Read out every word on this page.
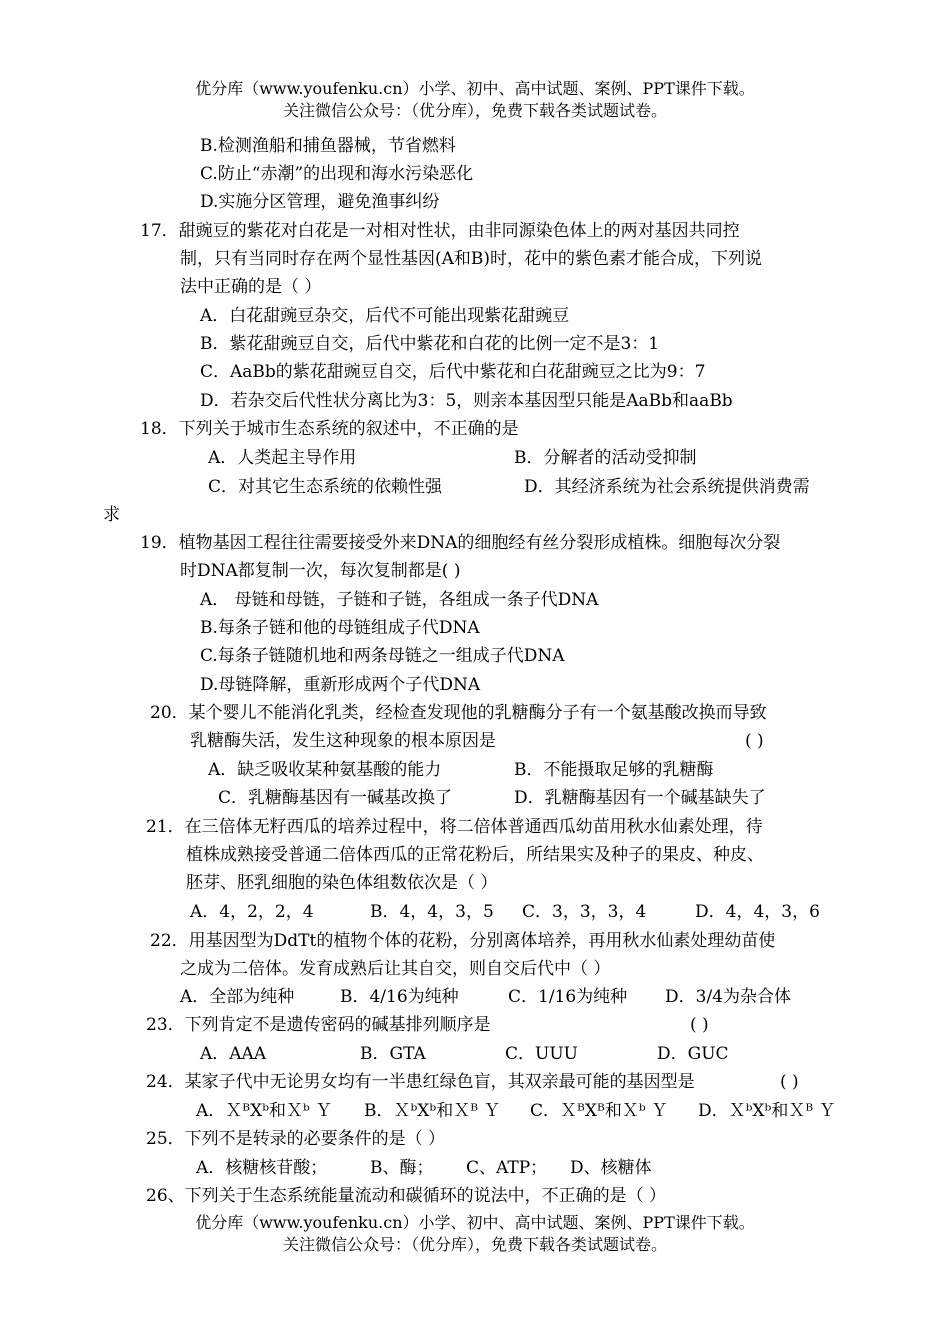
优分库（www.youfenku.cn）小学、初中、高中试题、案例、PPT课件下载。
关注微信公众号：（优分库），免费下载各类试题试卷。
B.检测渔船和捕鱼器械，节省燃料
C.防止“赤潮”的出现和海水污染恶化
D.实施分区管理，避免渔事纠纷
17．甜豌豆的紫花对白花是一对相对性状，由非同源染色体上的两对基因共同控
制，只有当同时存在两个显性基因(A和B)时，花中的紫色素才能合成，下列说
法中正确的是（ ）
A．白花甜豌豆杂交，后代不可能出现紫花甜豌豆
B．紫花甜豌豆自交，后代中紫花和白花的比例一定不是3：1
C．AaBb的紫花甜豌豆自交，后代中紫花和白花甜豌豆之比为9：7
D．若杂交后代性状分离比为3：5，则亲本基因型只能是AaBb和aaBb
18．下列关于城市生态系统的叙述中，不正确的是
A．人类起主导作用	B．分解者的活动受抑制
C．对其它生态系统的依赖性强	D．其经济系统为社会系统提供消费需
求
19．植物基因工程往往需要接受外来DNA的细胞经有丝分裂形成植株。细胞每次分裂
时DNA都复制一次，每次复制都是( )
A． 母链和母链，子链和子链，各组成一条子代DNA
B.每条子链和他的母链组成子代DNA
C.每条子链随机地和两条母链之一组成子代DNA
D.母链降解，重新形成两个子代DNA
20．某个婴儿不能消化乳类，经检查发现他的乳糖酶分子有一个氨基酸改换而导致
乳糖酶失活，发生这种现象的根本原因是	( )
A．缺乏吸收某种氨基酸的能力	B．不能摄取足够的乳糖酶
C．乳糖酶基因有一碱基改换了	D．乳糖酶基因有一个碱基缺失了
21．在三倍体无籽西瓜的培养过程中，将二倍体普通西瓜幼苗用秋水仙素处理，待
植株成熟接受普通二倍体西瓜的正常花粉后，所结果实及种子的果皮、种皮、
胚芽、胚乳细胞的染色体组数依次是（ ）
A．4，2，2，4	B．4，4，3，5 C．3，3，3，4	D．4，4，3，6
22．用基因型为DdTt的植物个体的花粉，分别离体培养，再用秋水仙素处理幼苗使
之成为二倍体。发育成熟后让其自交，则自交后代中（ ）
A．全部为纯种	B．4/16为纯种	C．1/16为纯种 D．3/4为杂合体
23．下列肯定不是遗传密码的碱基排列顺序是	( )
A．AAA	B．GTA	C．UUU	D．GUC
24．某家子代中无论男女均有一半患红绿色盲，其双亲最可能的基因型是	( )
A．ＸᴮXᵇ和Ｘᵇ Ｙ B．ＸᵇXᵇ和Ｘᴮ Ｙ C．ＸᴮXᴮ和Ｘᵇ Ｙ D．ＸᵇXᵇ和Ｘᴮ Ｙ
25．下列不是转录的必要条件的是（ ）
A．核糖核苷酸；	B、酶； C、ATP； D、核糖体
26、下列关于生态系统能量流动和碳循环的说法中，不正确的是（ ）
优分库（www.youfenku.cn）小学、初中、高中试题、案例、PPT课件下载。
关注微信公众号：（优分库），免费下载各类试题试卷。
